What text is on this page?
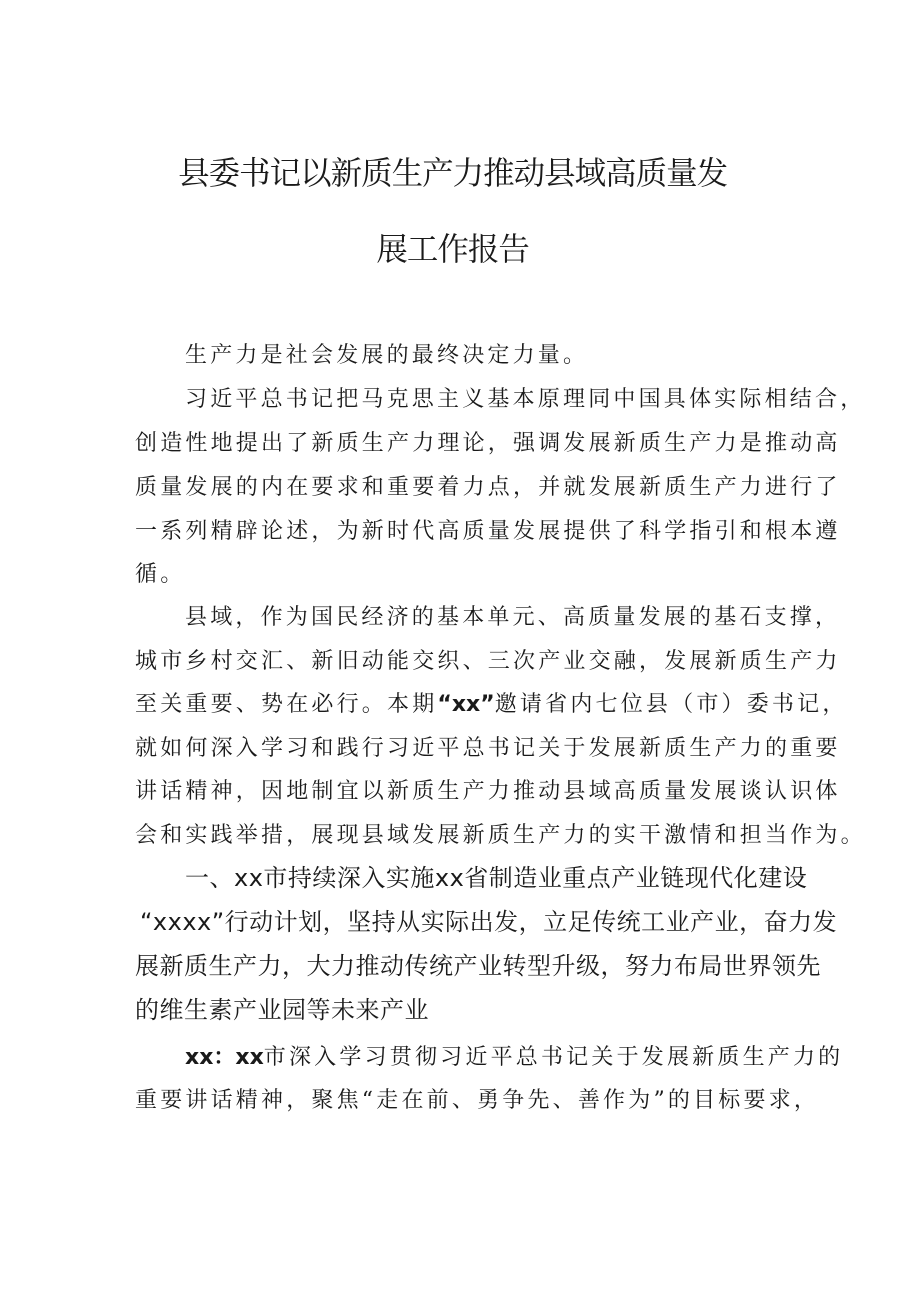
县委书记以新质生产力推动县域高质量发
展工作报告
生产力是社会发展的最终决定力量。
习近平总书记把马克思主义基本原理同中国具体实际相结合，
创造性地提出了新质生产力理论，强调发展新质生产力是推动高
质量发展的内在要求和重要着力点，并就发展新质生产力进行了
一系列精辟论述，为新时代高质量发展提供了科学指引和根本遵
循。
县域，作为国民经济的基本单元、高质量发展的基石支撑，
城市乡村交汇、新旧动能交织、三次产业交融，发展新质生产力
至关重要、势在必行。本期“xx”邀请省内七位县（市）委书记，
就如何深入学习和践行习近平总书记关于发展新质生产力的重要
讲话精神，因地制宜以新质生产力推动县域高质量发展谈认识体
会和实践举措，展现县域发展新质生产力的实干激情和担当作为。
一、xx市持续深入实施xx省制造业重点产业链现代化建设
“xxxx”行动计划，坚持从实际出发，立足传统工业产业，奋力发
展新质生产力，大力推动传统产业转型升级，努力布局世界领先
的维生素产业园等未来产业
xx：xx市深入学习贯彻习近平总书记关于发展新质生产力的
重要讲话精神，聚焦“走在前、勇争先、善作为”的目标要求，
